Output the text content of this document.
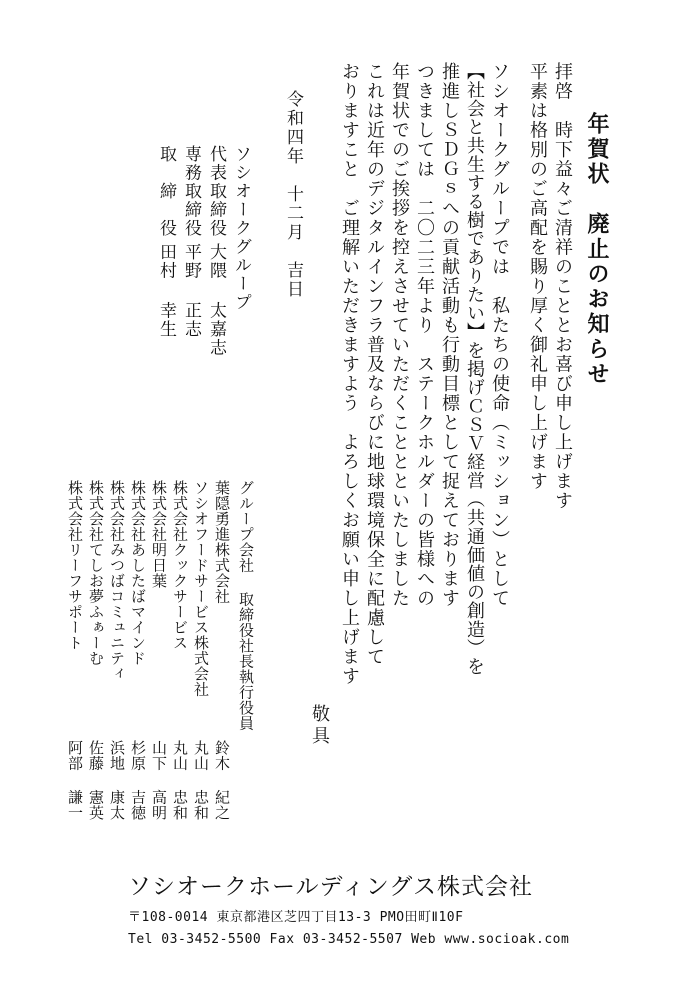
年賀状　廃止のお知らせ
拝啓　時下益々ご清祥のこととお喜び申し上げます
平素は格別のご高配を賜り厚く御礼申し上げます
ソシオークグループでは　私たちの使命（ミッション）として
【社会と共生する樹でありたい】を掲げＣＳＶ経営（共通価値の創造）を
推進しＳＤＧｓへの貢献活動も行動目標として捉えております
つきましては　二〇二三年より　ステークホルダーの皆様への
年賀状でのご挨拶を控えさせていただくこととといたしました
これは近年のデジタルインフラ普及ならびに地球環境保全に配慮して
おりますこと　ご理解いただきますよう　よろしくお願い申し上げます
敬具
令和四年　十二月　吉日
ソシオークグループ
代表取締役
大隈 太嘉志
専務取締役
平野 正志
取　締　役
田村 幸生
グループ会社 取締役社長執行役員
葉隠勇進株式会社
鈴木 紀之
ソシオフードサービス株式会社
丸山 忠和
株式会社クックサービス
丸山 忠和
株式会社明日葉
山下 高明
株式会社あしたばマインド
杉原 吉徳
株式会社みつばコミュニティ
浜地 康太
株式会社てしお夢ふぁーむ
佐藤 憲英
株式会社リーフサポート
阿部 謙一
ソシオークホールディングス株式会社
〒108-0014 東京都港区芝四丁目13-3 PMO田町Ⅱ10F
Tel 03-3452-5500 Fax 03-3452-5507 Web www.socioak.com
